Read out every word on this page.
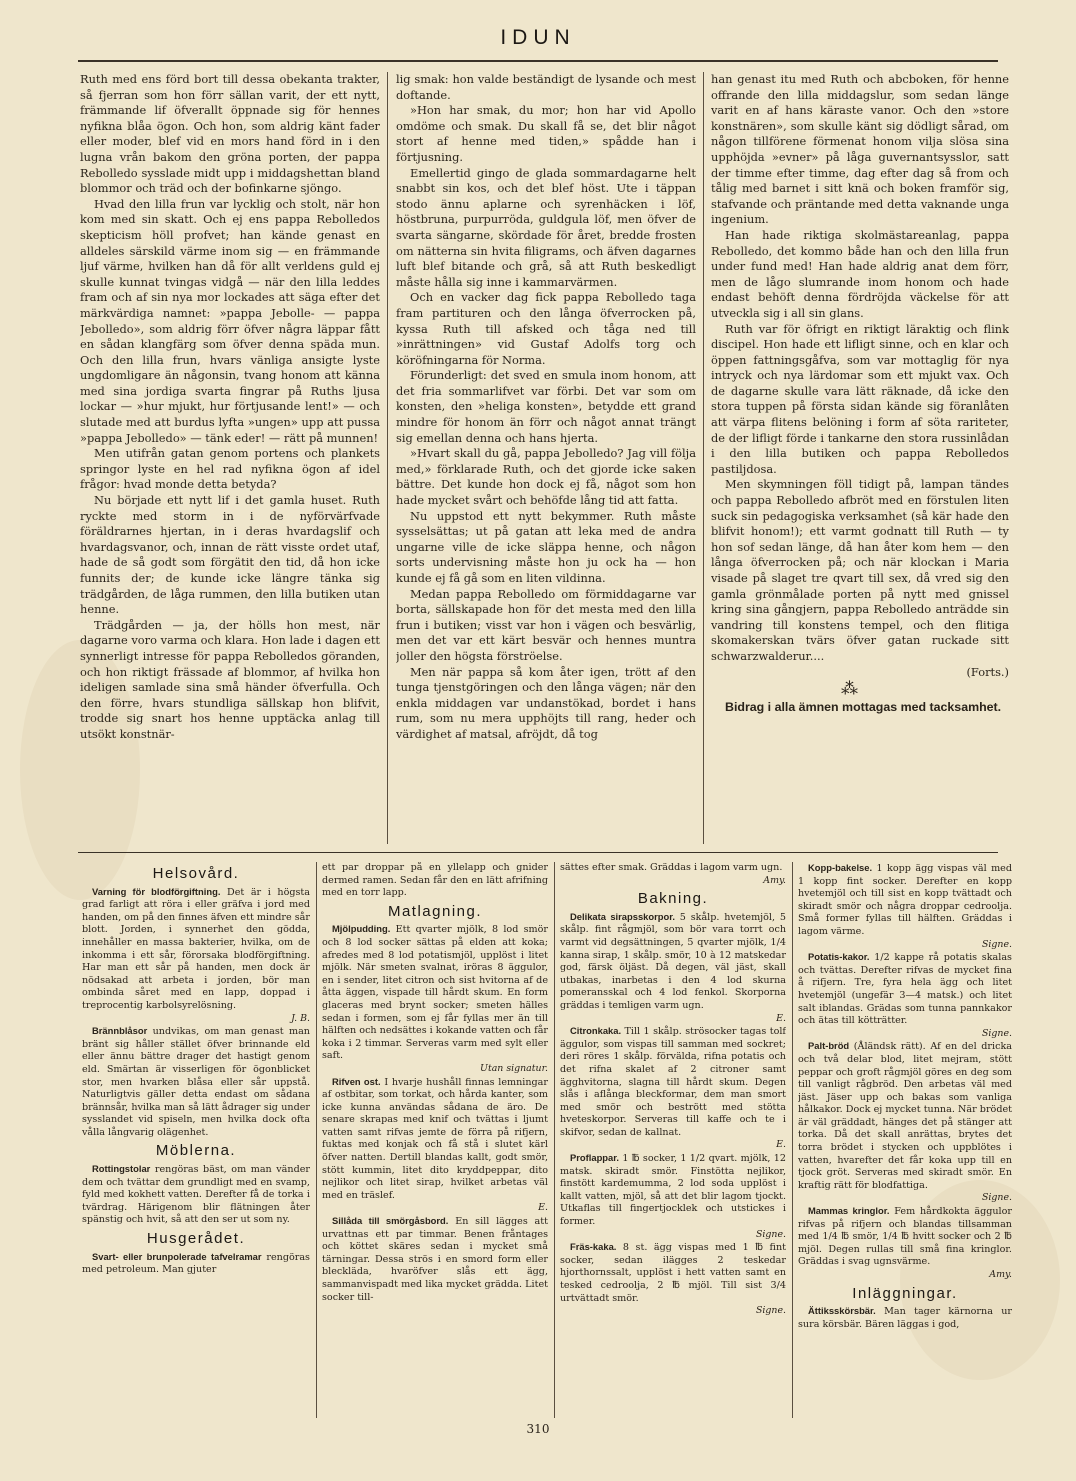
IDUN

Ruth med ens förd bort till dessa obekanta trakter, så fjerran som hon förr sällan varit, der ett nytt, främmande lif öfverallt öppnade sig för hennes nyfikna blåa ögon. Och hon, som aldrig känt fader eller moder, blef vid en mors hand förd in i den lugna vrån bakom den gröna porten, der pappa Rebolledo sysslade midt upp i middagshettan bland blommor och träd och der bofinkarne sjöngo.

Hvad den lilla frun var lycklig och stolt, när hon kom med sin skatt. Och ej ens pappa Rebolledos skepticism höll profvet; han kände genast en alldeles särskild värme inom sig — en främmande ljuf värme, hvilken han då för allt verldens guld ej skulle kunnat tvingas vidgå — när den lilla leddes fram och af sin nya mor lockades att säga efter det märkvärdiga namnet: »pappa Jebolle- — pappa Jebolledo», som aldrig förr öfver några läppar fått en sådan klangfärg som öfver denna späda mun. Och den lilla frun, hvars vänliga ansigte lyste ungdomligare än någonsin, tvang honom att känna med sina jordiga svarta fingrar på Ruths ljusa lockar — »hur mjukt, hur förtjusande lent!» — och slutade med att burdus lyfta »ungen» upp att pussa »pappa Jebolledo» — tänk eder! — rätt på munnen!

Men utifrån gatan genom portens och plankets springor lyste en hel rad nyfikna ögon af idel frågor: hvad monde detta betyda?

Nu började ett nytt lif i det gamla huset. Ruth ryckte med storm in i de nyförvärfvade föräldrarnes hjertan, in i deras hvardagslif och hvardagsvanor, och, innan de rätt visste ordet utaf, hade de så godt som förgätit den tid, då hon icke funnits der; de kunde icke längre tänka sig trädgården, de låga rummen, den lilla butiken utan henne.

Trädgården — ja, der hölls hon mest, när dagarne voro varma och klara. Hon lade i dagen ett synnerligt intresse för pappa Rebolledos göranden, och hon riktigt frässade af blommor, af hvilka hon ideligen samlade sina små händer öfverfulla. Och den förre, hvars stundliga sällskap hon blifvit, trodde sig snart hos henne upptäcka anlag till utsökt konstnär-

lig smak: hon valde beständigt de lysande och mest doftande.

»Hon har smak, du mor; hon har vid Apollo omdöme och smak. Du skall få se, det blir något stort af henne med tiden,» spådde han i förtjusning.

Emellertid gingo de glada sommardagarne helt snabbt sin kos, och det blef höst. Ute i täppan stodo ännu aplarne och syrenhäcken i löf, höstbruna, purpurröda, guldgula löf, men öfver de svarta sängarne, skördade för året, bredde frosten om nätterna sin hvita filigrams, och äfven dagarnes luft blef bitande och grå, så att Ruth beskedligt måste hålla sig inne i kammarvärmen.

Och en vacker dag fick pappa Rebolledo taga fram partituren och den långa öfverrocken på, kyssa Ruth till afsked och tåga ned till »inrättningen» vid Gustaf Adolfs torg och köröfningarna för Norma.

Förunderligt: det sved en smula inom honom, att det fria sommarlifvet var förbi. Det var som om konsten, den »heliga konsten», betydde ett grand mindre för honom än förr och något annat trängt sig emellan denna och hans hjerta.

»Hvart skall du gå, pappa Jebolledo? Jag vill följa med,» förklarade Ruth, och det gjorde icke saken bättre. Det kunde hon dock ej få, något som hon hade mycket svårt och behöfde lång tid att fatta.

Nu uppstod ett nytt bekymmer. Ruth måste sysselsättas; ut på gatan att leka med de andra ungarne ville de icke släppa henne, och någon sorts undervisning måste hon ju ock ha — hon kunde ej få gå som en liten vildinna.

Medan pappa Rebolledo om förmiddagarne var borta, sällskapade hon för det mesta med den lilla frun i butiken; visst var hon i vägen och besvärlig, men det var ett kärt besvär och hennes muntra joller den högsta förströelse.

Men när pappa så kom åter igen, trött af den tunga tjenstgöringen och den långa vägen; när den enkla middagen var undanstökad, bordet i hans rum, som nu mera upphöjts till rang, heder och värdighet af matsal, afröjdt, då tog

han genast itu med Ruth och abcboken, för henne offrande den lilla middagslur, som sedan länge varit en af hans käraste vanor. Och den »store konstnären», som skulle känt sig dödligt sårad, om någon tillförene förmenat honom vilja slösa sina upphöjda »evner» på låga guvernantsysslor, satt der timme efter timme, dag efter dag så from och tålig med barnet i sitt knä och boken framför sig, stafvande och präntande med detta vaknande unga ingenium.

Han hade riktiga skolmästareanlag, pappa Rebolledo, det kommo både han och den lilla frun under fund med! Han hade aldrig anat dem förr, men de lågo slumrande inom honom och hade endast behöft denna fördröjda väckelse för att utveckla sig i all sin glans.

Ruth var för öfrigt en riktigt läraktig och flink discipel. Hon hade ett lifligt sinne, och en klar och öppen fattningsgåfva, som var mottaglig för nya intryck och nya lärdomar som ett mjukt vax. Och de dagarne skulle vara lätt räknade, då icke den stora tuppen på första sidan kände sig föranlåten att värpa flitens belöning i form af söta rariteter, de der lifligt förde i tankarne den stora russinlådan i den lilla butiken och pappa Rebolledos pastiljdosa.

Men skymningen föll tidigt på, lampan tändes och pappa Rebolledo afbröt med en förstulen liten suck sin pedagogiska verksamhet (så kär hade den blifvit honom!); ett varmt godnatt till Ruth — ty hon sof sedan länge, då han åter kom hem — den långa öfverrocken på; och när klockan i Maria visade på slaget tre qvart till sex, då vred sig den gamla grönmålade porten på nytt med gnissel kring sina gångjern, pappa Rebolledo anträdde sin vandring till konstens tempel, och den flitiga skomakerskan tvärs öfver gatan ruckade sitt schwarzwalderur....

(Forts.)

⁂

Bidrag i alla ämnen mottagas med tacksamhet.

Helsovård.

Varning för blodförgiftning. Det är i högsta grad farligt att röra i eller gräfva i jord med handen, om på den finnes äfven ett mindre sår blott. Jorden, i synnerhet den gödda, innehåller en massa bakterier, hvilka, om de inkomma i ett sår, förorsaka blodförgiftning. Har man ett sår på handen, men dock är nödsakad att arbeta i jorden, bör man ombinda såret med en lapp, doppad i treprocentig karbolsyrelösning.

J. B.

Brännblåsor undvikas, om man genast man bränt sig håller stället öfver brinnande eld eller ännu bättre drager det hastigt genom eld. Smärtan är visserligen för ögonblicket stor, men hvarken blåsa eller sår uppstå. Naturligtvis gäller detta endast om sådana brännsår, hvilka man så lätt ådrager sig under sysslandet vid spiseln, men hvilka dock ofta vålla långvarig olägenhet.

Möblerna.

Rottingstolar rengöras bäst, om man vänder dem och tvättar dem grundligt med en svamp, fyld med kokhett vatten. Derefter få de torka i tvärdrag. Härigenom blir flätningen åter spänstig och hvit, så att den ser ut som ny.

Husgerådet.

Svart- eller brunpolerade tafvelramar rengöras med petroleum. Man gjuter

ett par droppar på en yllelapp och gnider dermed ramen. Sedan får den en lätt afrifning med en torr lapp.

Matlagning.

Mjölpudding. Ett qvarter mjölk, 8 lod smör och 8 lod socker sättas på elden att koka; afredes med 8 lod potatismjöl, upplöst i litet mjölk. När smeten svalnat, iröras 8 äggulor, en i sender, litet citron och sist hvitorna af de åtta äggen, vispade till hårdt skum. En form glaceras med brynt socker; smeten hälles sedan i formen, som ej får fyllas mer än till hälften och nedsättes i kokande vatten och får koka i 2 timmar. Serveras varm med sylt eller saft.

Utan signatur.

Rifven ost. I hvarje hushåll finnas lemningar af ostbitar, som torkat, och hårda kanter, som icke kunna användas sådana de äro. De senare skrapas med knif och tvättas i ljumt vatten samt rifvas jemte de förra på rifjern, fuktas med konjak och få stå i slutet kärl öfver natten. Dertill blandas kallt, godt smör, stött kummin, litet dito kryddpeppar, dito nejlikor och litet sirap, hvilket arbetas väl med en träslef.

E.

Sillåda till smörgåsbord. En sill lägges att urvattnas ett par timmar. Benen fråntages och köttet skäres sedan i mycket små tärningar. Dessa strös i en smord form eller bleckläda, hvaröfver slås ett ägg, sammanvispadt med lika mycket grädda. Litet socker till-

sättes efter smak. Gräddas i lagom varm ugn.

Amy.
Bakning.

Delikata sirapsskorpor. 5 skålp. hvetemjöl, 5 skålp. fint rågmjöl, som bör vara torrt och varmt vid degsättningen, 5 qvarter mjölk, 1/4 kanna sirap, 1 skålp. smör, 10 à 12 matskedar god, färsk öljäst. Då degen, väl jäst, skall utbakas, inarbetas i den 4 lod skurna pomeransskal och 4 lod fenkol. Skorporna gräddas i temligen varm ugn.

E.

Citronkaka. Till 1 skålp. strösocker tagas tolf äggulor, som vispas till samman med sockret; deri röres 1 skålp. förvälda, rifna potatis och det rifna skalet af 2 citroner samt ägghvitorna, slagna till hårdt skum. Degen slås i aflånga bleckformar, dem man smort med smör och bestrött med stötta hveteskorpor. Serveras till kaffe och te i skifvor, sedan de kallnat.

E.

Proflappar. 1 ℔ socker, 1 1/2 qvart. mjölk, 12 matsk. skiradt smör. Finstötta nejlikor, finstött kardemumma, 2 lod soda upplöst i kallt vatten, mjöl, så att det blir lagom tjockt. Utkaflas till fingertjocklek och utstickes i former.

Signe.

Fräs-kaka. 8 st. ägg vispas med 1 ℔ fint socker, sedan ilägges 2 teskedar hjorthornssalt, upplöst i hett vatten samt en tesked cedroolja, 2 ℔ mjöl. Till sist 3/4 urtvättadt smör.

Signe.

Kopp-bakelse. 1 kopp ägg vispas väl med 1 kopp fint socker. Derefter en kopp hvetemjöl och till sist en kopp tvättadt och skiradt smör och några droppar cedroolja. Små former fyllas till hälften. Gräddas i lagom värme.

Signe.

Potatis-kakor. 1/2 kappe rå potatis skalas och tvättas. Derefter rifvas de mycket fina å rifjern. Tre, fyra hela ägg och litet hvetemjöl (ungefär 3—4 matsk.) och litet salt iblandas. Grädas som tunna pannkakor och ätas till kötträtter.

Signe.

Palt-bröd (Åländsk rätt). Af en del dricka och två delar blod, litet mejram, stött peppar och groft rågmjöl göres en deg som till vanligt rågbröd. Den arbetas väl med jäst. Jäser upp och bakas som vanliga hålkakor. Dock ej mycket tunna. När brödet är väl gräddadt, hänges det på stänger att torka. Då det skall anrättas, brytes det torra brödet i stycken och uppblötes i vatten, hvarefter det får koka upp till en tjock gröt. Serveras med skiradt smör. En kraftig rätt för blodfattiga.

Signe.

Mammas kringlor. Fem hårdkokta äggulor rifvas på rifjern och blandas tillsamman med 1/4 ℔ smör, 1/4 ℔ hvitt socker och 2 ℔ mjöl. Degen rullas till små fina kringlor. Gräddas i svag ugnsvärme.

Amy.
Inläggningar.

Ättiksskörsbär. Man tager kärnorna ur sura körsbär. Bären läggas i god,

310
